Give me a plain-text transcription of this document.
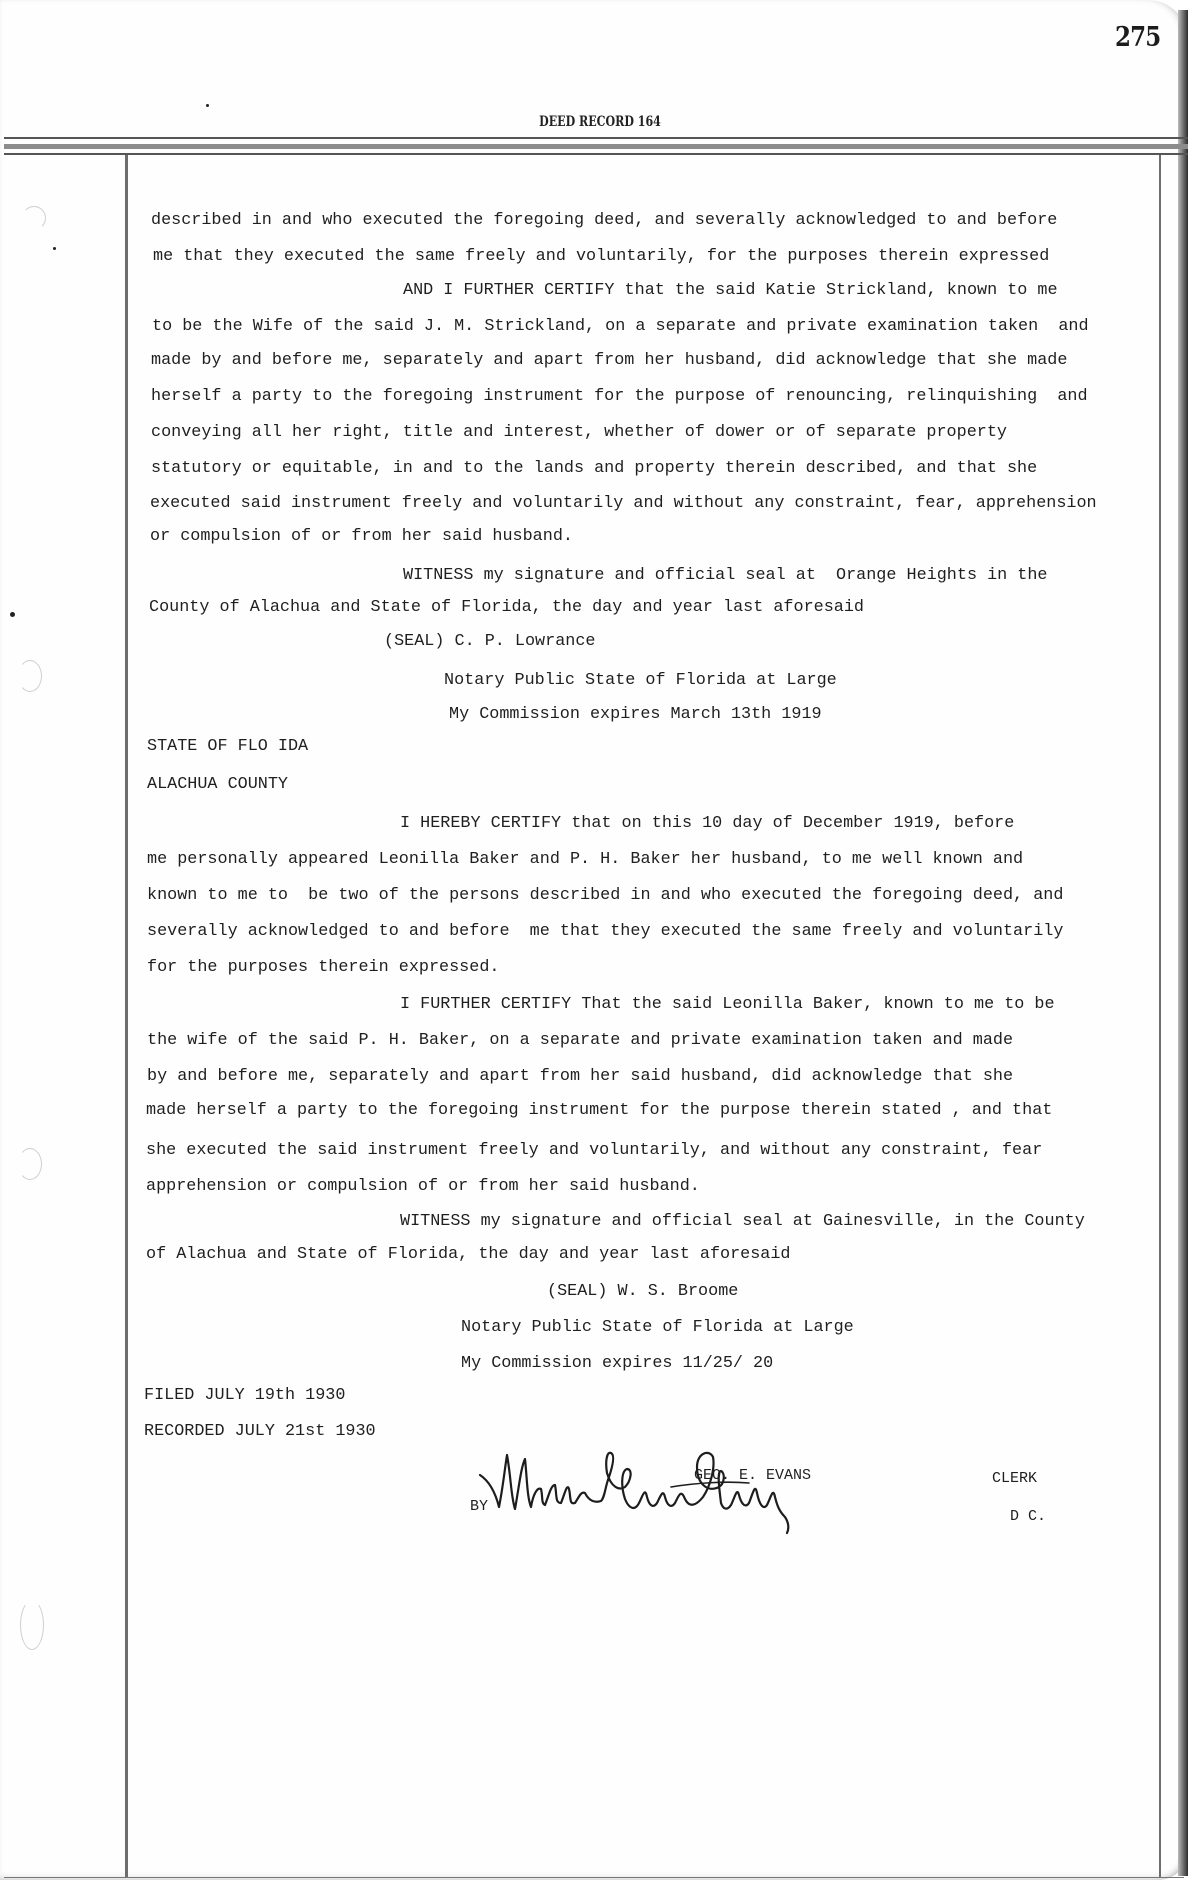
275
DEED RECORD 164
described in and who executed the foregoing deed, and severally acknowledged to and before
me that they executed the same freely and voluntarily, for the purposes therein expressed
AND I FURTHER CERTIFY that the said Katie Strickland, known to me
to be the Wife of the said J. M. Strickland, on a separate and private examination taken  and
made by and before me, separately and apart from her husband, did acknowledge that she made
herself a party to the foregoing instrument for the purpose of renouncing, relinquishing  and
conveying all her right, title and interest, whether of dower or of separate property
statutory or equitable, in and to the lands and property therein described, and that she
executed said instrument freely and voluntarily and without any constraint, fear, apprehension
or compulsion of or from her said husband.
WITNESS my signature and official seal at  Orange Heights in the
County of Alachua and State of Florida, the day and year last aforesaid
(SEAL) C. P. Lowrance
Notary Public State of Florida at Large
My Commission expires March 13th 1919
STATE OF FLO IDA
ALACHUA COUNTY
I HEREBY CERTIFY that on this 10 day of December 1919, before
me personally appeared Leonilla Baker and P. H. Baker her husband, to me well known and
known to me to  be two of the persons described in and who executed the foregoing deed, and
severally acknowledged to and before  me that they executed the same freely and voluntarily
for the purposes therein expressed.
I FURTHER CERTIFY That the said Leonilla Baker, known to me to be
the wife of the said P. H. Baker, on a separate and private examination taken and made
by and before me, separately and apart from her said husband, did acknowledge that she
made herself a party to the foregoing instrument for the purpose therein stated , and that
she executed the said instrument freely and voluntarily, and without any constraint, fear
apprehension or compulsion of or from her said husband.
WITNESS my signature and official seal at Gainesville, in the County
of Alachua and State of Florida, the day and year last aforesaid
(SEAL) W. S. Broome
Notary Public State of Florida at Large
My Commission expires 11/25/ 20
FILED JULY 19th 1930
RECORDED JULY 21st 1930
BY
GEO. E. EVANS	CLERK
D C.
